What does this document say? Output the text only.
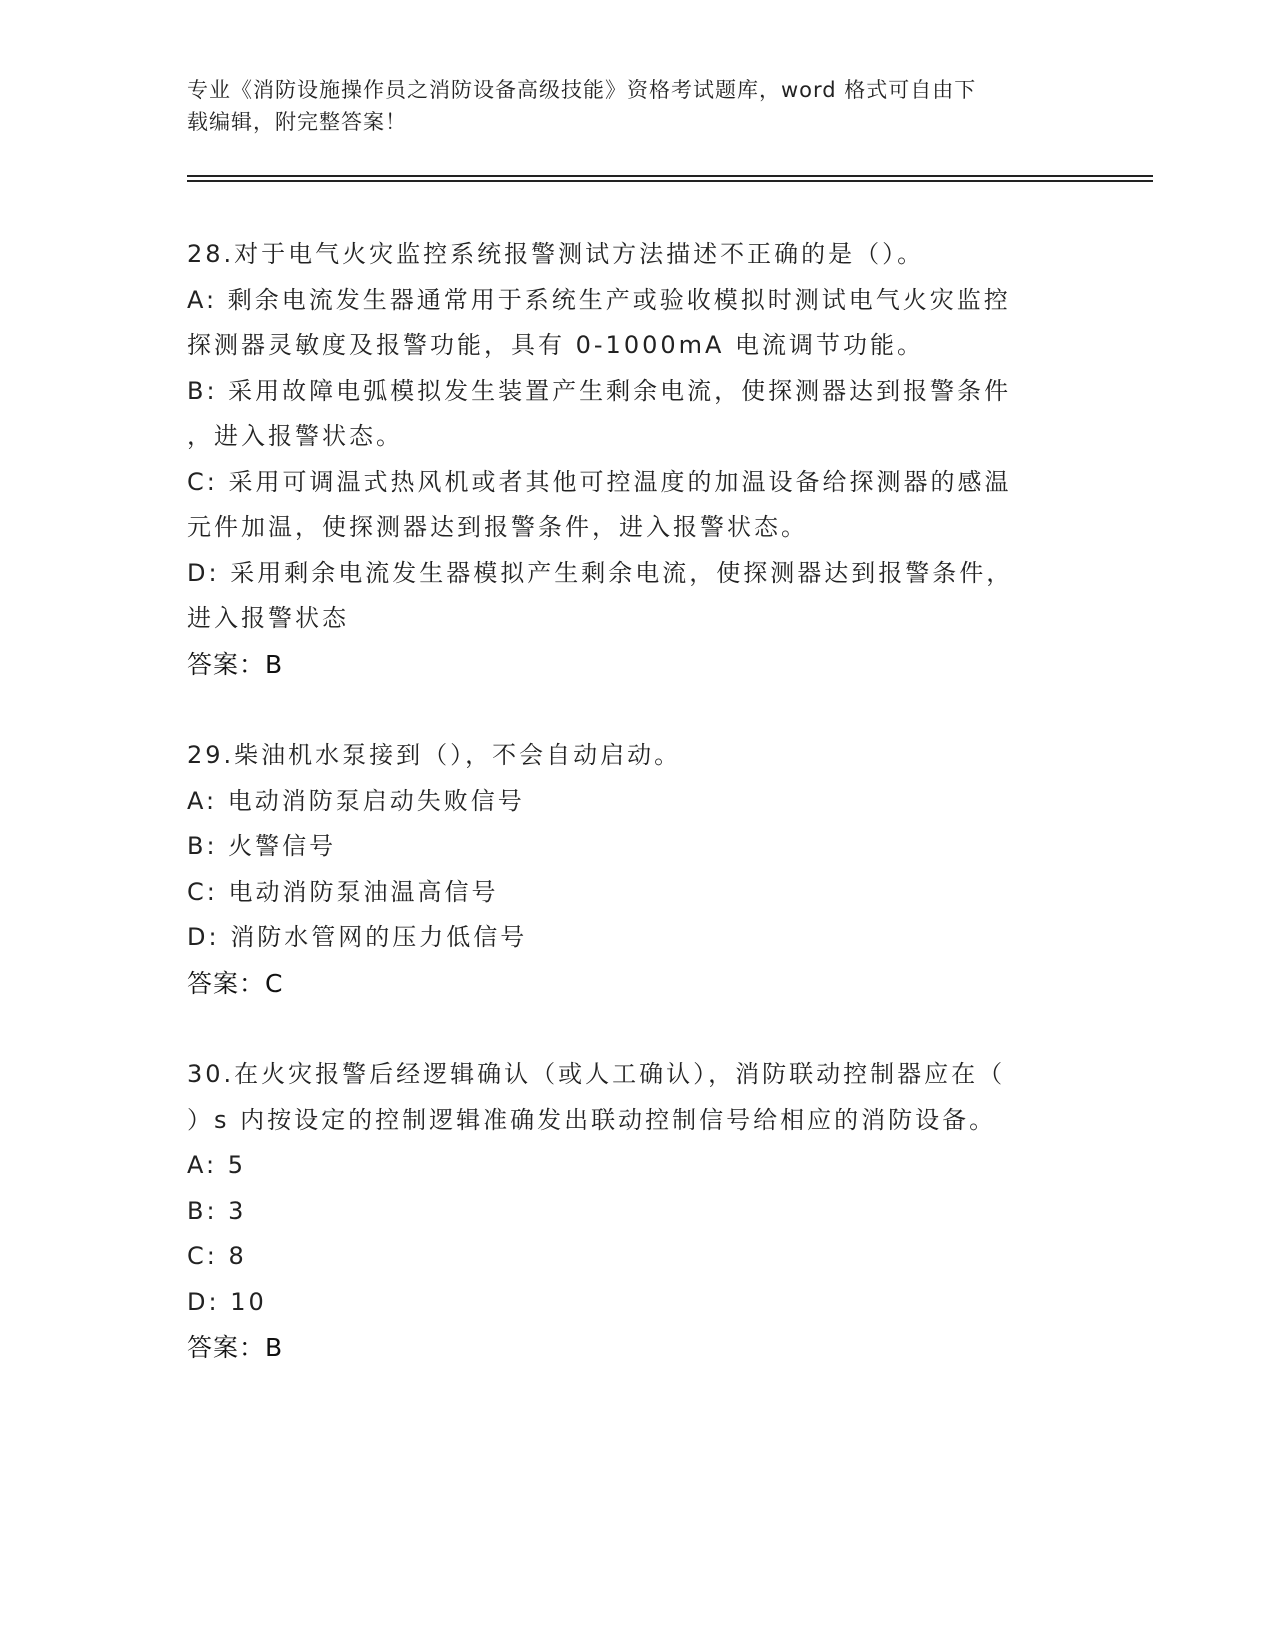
专业《消防设施操作员之消防设备高级技能》资格考试题库，word 格式可自由下

载编辑，附完整答案！

28.对于电气火灾监控系统报警测试方法描述不正确的是（）。

A: 剩余电流发生器通常用于系统生产或验收模拟时测试电气火灾监控

探测器灵敏度及报警功能，具有 0-1000mA 电流调节功能。

B: 采用故障电弧模拟发生装置产生剩余电流，使探测器达到报警条件

，进入报警状态。

C: 采用可调温式热风机或者其他可控温度的加温设备给探测器的感温

元件加温，使探测器达到报警条件，进入报警状态。

D: 采用剩余电流发生器模拟产生剩余电流，使探测器达到报警条件，

进入报警状态

答案：B

29.柴油机水泵接到（），不会自动启动。

A: 电动消防泵启动失败信号

B: 火警信号

C: 电动消防泵油温高信号

D: 消防水管网的压力低信号

答案：C

30.在火灾报警后经逻辑确认（或人工确认），消防联动控制器应在（

）s 内按设定的控制逻辑准确发出联动控制信号给相应的消防设备。

A: 5

B: 3

C: 8

D: 10

答案：B
